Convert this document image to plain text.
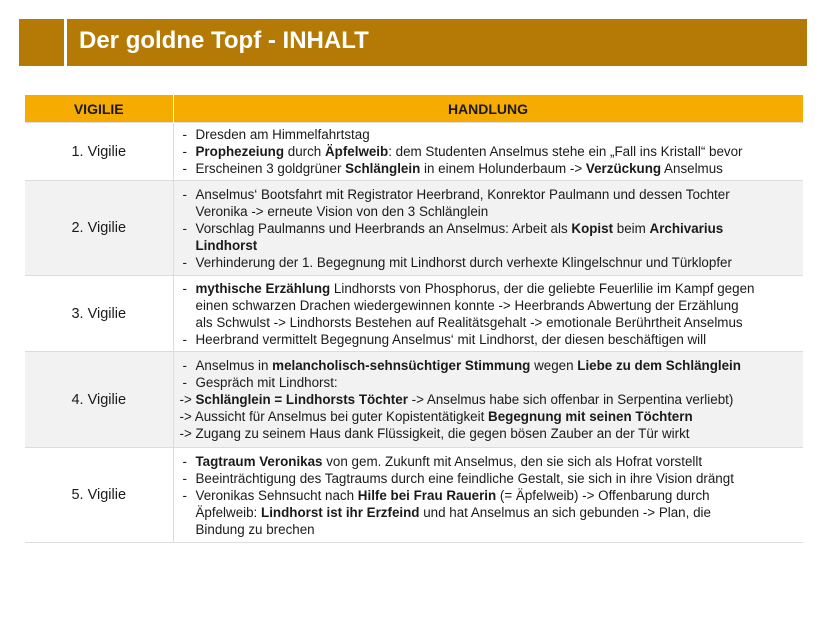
Der goldne Topf - INHALT
VIGILIE	HANDLUNG
1. Vigilie	- Dresden am Himmelfahrtstag
- Prophezeiung durch Äpfelweib: dem Studenten Anselmus stehe ein „Fall ins Kristall“ bevor
- Erscheinen 3 goldgrüner Schlänglein in einem Holunderbaum -> Verzückung Anselmus

2. Vigilie	- Anselmus‘ Bootsfahrt mit Registrator Heerbrand, Konrektor Paulmann und dessen Tochter
Veronika -> erneute Vision von den 3 Schlänglein
- Vorschlag Paulmanns und Heerbrands an Anselmus: Arbeit als Kopist beim Archivarius
Lindhorst
- Verhinderung der 1. Begegnung mit Lindhorst durch verhexte Klingelschnur und Türklopfer

3. Vigilie	- mythische Erzählung Lindhorsts von Phosphorus, der die geliebte Feuerlilie im Kampf gegen
einen schwarzen Drachen wiedergewinnen konnte -> Heerbrands Abwertung der Erzählung
als Schwulst -> Lindhorsts Bestehen auf Realitätsgehalt -> emotionale Berührtheit Anselmus
- Heerbrand vermittelt Begegnung Anselmus‘ mit Lindhorst, der diesen beschäftigen will

4. Vigilie	- Anselmus in melancholisch-sehnsüchtiger Stimmung wegen Liebe zu dem Schlänglein
- Gespräch mit Lindhorst:
-> Schlänglein = Lindhorsts Töchter -> Anselmus habe sich offenbar in Serpentina verliebt)
-> Aussicht für Anselmus bei guter Kopistentätigkeit Begegnung mit seinen Töchtern
-> Zugang zu seinem Haus dank Flüssigkeit, die gegen bösen Zauber an der Tür wirkt

5. Vigilie	- Tagtraum Veronikas von gem. Zukunft mit Anselmus, den sie sich als Hofrat vorstellt
- Beeinträchtigung des Tagtraums durch eine feindliche Gestalt, sie sich in ihre Vision drängt
- Veronikas Sehnsucht nach Hilfe bei Frau Rauerin (= Äpfelweib) -> Offenbarung durch
Äpfelweib: Lindhorst ist ihr Erzfeind und hat Anselmus an sich gebunden -> Plan, die
Bindung zu brechen
